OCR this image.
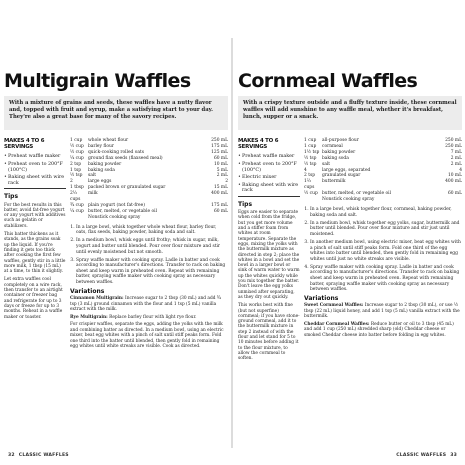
Multigrain Waffles
With a mixture of grains and seeds, these waffles have a nutty flavor and, topped with fruit and syrup, make a satisfying start to your day. They're also a great base for many of the savory recipes.
MAKES 4 TO 6 SERVINGS
• Preheat waffle maker
• Preheat oven to 200°F (100°C)
• Baking sheet with wire rack
Tips

For the best results in this batter, avoid fat-free yogurt or any yogurt with additives such as gelatin or stabilizers.

This batter thickens as it stands, as the grains soak up the liquid. If you're finding it gets too thick after cooking the first few waffles, gently stir in a little more milk, 1 tbsp (15 mL) at a time, to thin it slightly.

Let extra waffles cool completely on a wire rack, then transfer to an airtight container or freezer bag and refrigerate for up to 3 days or freeze for up to 3 months. Reheat in a waffle maker or toaster.

1 cup	whole wheat flour	250 mL
½ cup	barley flour	175 mL
½ cup	quick-cooking rolled oats	125 mL
¼ cup	ground flax seeds (flaxseed meal)	60 mL
2 tsp	baking powder	10 mL
1 tsp	baking soda	5 mL
½ tsp	salt	2 mL
2	large eggs	2
1 tbsp	packed brown or granulated sugar	15 mL
2⅓ cups	milk	400 mL
¾ cup	plain yogurt (not fat-free)	175 mL
¼ cup	butter, melted, or vegetable oil	60 mL
	Nonstick cooking spray	
1. In a large bowl, whisk together whole wheat flour, barley flour, oats, flax seeds, baking powder, baking soda and salt.
2. In a medium bowl, whisk eggs until frothy; whisk in sugar, milk, yogurt and butter until blended. Pour over flour mixture and stir until evenly moistened but not smooth.
3. Spray waffle maker with cooking spray. Ladle in batter and cook according to manufacturer's directions. Transfer to rack on baking sheet and keep warm in preheated oven. Repeat with remaining batter, spraying waffle maker with cooking spray as necessary between waffles.
Variations

Cinnamon Multigrain: Increase sugar to 2 tbsp (30 mL) and add ¾ tsp (3 mL) ground cinnamon with the flour and 1 tsp (5 mL) vanilla extract with the milk.

Rye Multigrain: Replace barley flour with light rye flour.

For crispier waffles, separate the eggs, adding the yolks with the milk and combining batter as directed. In a medium bowl, using an electric mixer, beat egg whites with a pinch of salt until stiff peaks form. Fold one third into the batter until blended, then gently fold in remaining egg whites until white streaks are visible. Cook as directed.

32 CLASSIC WAFFLES
Cornmeal Waffles
With a crispy texture outside and a fluffy texture inside, these cornmeal waffles will add sunshine to any waffle meal, whether it's breakfast, lunch, supper or a snack.
MAKES 4 TO 6 SERVINGS
• Preheat waffle maker
• Preheat oven to 200°F (100°C)
• Electric mixer
• Baking sheet with wire rack
Tips

Eggs are easier to separate when cold from the fridge, but you get more volume and a stiffer foam from whites at room temperature. Separate the eggs, mixing the yolks with the buttermilk mixture as directed in step 2; place the whites in a bowl and set the bowl in a larger bowl or sink of warm water to warm up the whites quickly while you mix together the batter. Don't leave the egg yolks unmixed after separating, as they dry out quickly.

This works best with fine (but not superfine) cornmeal; if you have stone-ground cornmeal, add it to the buttermilk mixture in step 2 instead of with the flour and let stand for 5 to 10 minutes before adding it to the flour mixture, to allow the cornmeal to soften.

1 cup	all-purpose flour	250 mL
1 cup	cornmeal	250 mL
1½ tsp	baking powder	7 mL
½ tsp	baking soda	2 mL
½ tsp	salt	2 mL
4	large eggs, separated	4
2 tsp	granulated sugar	10 mL
1⅔ cups	buttermilk	400 mL
½ cup	butter, melted, or vegetable oil	60 mL
	Nonstick cooking spray	
1. In a large bowl, whisk together flour, cornmeal, baking powder, baking soda and salt.
2. In a medium bowl, whisk together egg yolks, sugar, buttermilk and butter until blended. Pour over flour mixture and stir just until moistened.
3. In another medium bowl, using electric mixer, beat egg whites with a pinch of salt until stiff peaks form. Fold one third of the egg whites into batter until blended, then gently fold in remaining egg whites until just no white streaks are visible.
4. Spray waffle maker with cooking spray. Ladle in batter and cook according to manufacturer's directions. Transfer to rack on baking sheet and keep warm in preheated oven. Repeat with remaining batter, spraying waffle maker with cooking spray as necessary between waffles.
Variations

Sweet Cornmeal Waffles: Increase sugar to 2 tbsp (30 mL), or use ½ tbsp (22 mL) liquid honey, and add 1 tsp (5 mL) vanilla extract with the buttermilk.

Cheddar Cornmeal Waffles: Reduce butter or oil to 3 tbsp (45 mL) and add 1 cup (250 mL) shredded sharp (old) Cheddar cheese or smoked Cheddar cheese into batter before folding in egg whites.

CLASSIC WAFFLES 33
